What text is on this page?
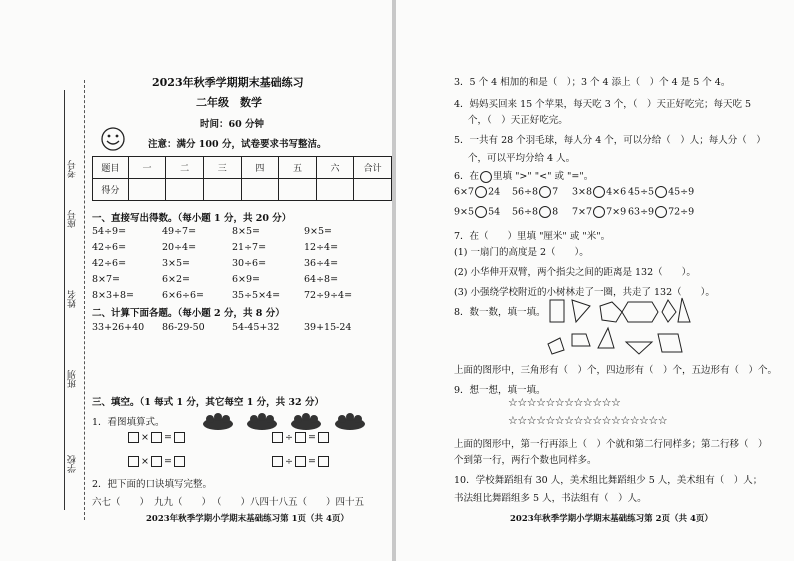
考号
座号
姓名
班别
学校
2023年秋季学期期末基础练习
二年级　数学
时间：60 分钟
注意：满分 100 分，试卷要求书写整洁。
题目	一	二	三	四	五	六	合计
得分							
一、直接写出得数。（每小题 1 分，共 20 分）
54÷9=	49÷7=	8×5=	9×5=
42÷6=	20÷4=	21÷7=	12÷4=
42÷6=	3×5=	30÷6=	36÷4=
8×7=	6×2=	6×9=	64÷8=
8×3+8=	6×6÷6=	35÷5×4=	72÷9÷4=
二、计算下面各题。（每小题 2 分，共 8 分）
33+26+40 86-29-50	54-45+32	39+15-24
三、填空。（1 每式 1 分，其它每空 1 分，共 32 分）
1．看图填算式。
× =
× =
÷ =
÷ =
2．把下面的口诀填写完整。
六七（　　） 九九（　　） （　　）八四十八 五（　　）四十五
2023年秋季学期小学期末基础练习第 1页（共 4页）
3．5 个 4 相加的和是（　）；3 个 4 添上（　）个 4 是 5 个 4。
4．妈妈买回来 15 个苹果，每天吃 3 个，（　）天正好吃完；每天吃 5
个，（　）天正好吃完。
5．一共有 28 个羽毛球，每人分 4 个，可以分给（　）人；每人分（　）
个，可以平均分给 4 人。
6．在 里填 ">" "<" 或 "="。
6×7 24 56÷8 7 3×8 4×6 45÷5 45÷9
9×5 54 56÷8 8 7×7 7×9 63÷9 72÷9
7．在（　　）里填 "厘米" 或 "米"。
(1) 一扇门的高度是 2（　　）。
(2) 小华伸开双臂，两个指尖之间的距离是 132（　　）。
(3) 小强绕学校附近的小树林走了一圈，共走了 132（　　）。
8．数一数，填一填。
上面的图形中，三角形有（　）个，四边形有（　）个，五边形有（　）个。
9．想一想，填一填。
☆☆☆☆☆☆☆☆☆☆☆☆
☆☆☆☆☆☆☆☆☆☆☆☆☆☆☆☆☆
上面的图形中，第一行再添上（　）个就和第二行同样多；第二行移（　）
个到第一行，两行个数也同样多。
10．学校舞蹈组有 30 人，美术组比舞蹈组少 5 人，美术组有（　）人；
书法组比舞蹈组多 5 人，书法组有（　）人。
2023年秋季学期小学期末基础练习第 2页（共 4页）
